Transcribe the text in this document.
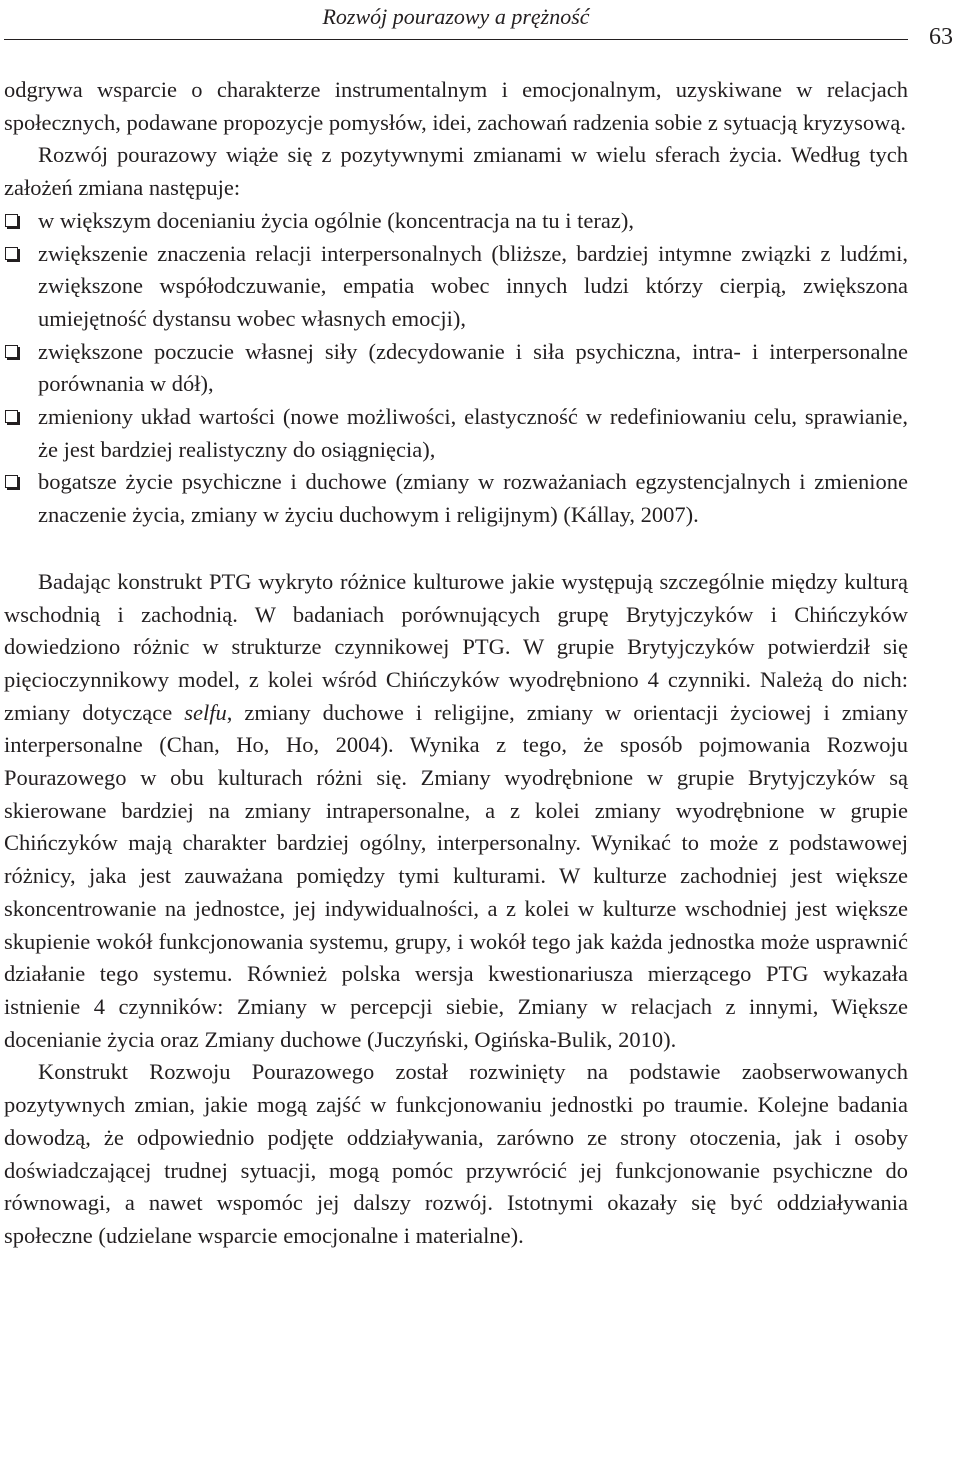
Rozwój pourazowy a prężność
63

odgrywa wsparcie o charakterze instrumentalnym i emocjonalnym, uzyskiwane w relacjach społecznych, podawane propozycje pomysłów, idei, zachowań radzenia sobie z sytuacją kryzysową.

Rozwój pourazowy wiąże się z pozytywnymi zmianami w wielu sferach życia. Według tych założeń zmiana następuje:

w większym docenianiu życia ogólnie (koncentracja na tu i teraz),
zwiększenie znaczenia relacji interpersonalnych (bliższe, bardziej intymne związki z ludźmi, zwiększone współodczuwanie, empatia wobec innych ludzi którzy cierpią, zwiększona umiejętność dystansu wobec własnych emocji),
zwiększone poczucie własnej siły (zdecydowanie i siła psychiczna, intra- i interpersonalne porównania w dół),
zmieniony układ wartości (nowe możliwości, elastyczność w redefiniowaniu celu, sprawianie, że jest bardziej realistyczny do osiągnięcia),
bogatsze życie psychiczne i duchowe (zmiany w rozważaniach egzystencjalnych i zmienione znaczenie życia, zmiany w życiu duchowym i religijnym) (Kállay, 2007).

Badając konstrukt PTG wykryto różnice kulturowe jakie występują szczególnie między kulturą wschodnią i zachodnią. W badaniach porównujących grupę Brytyjczyków i Chińczyków dowiedziono różnic w strukturze czynnikowej PTG. W grupie Brytyjczyków potwierdził się pięcioczynnikowy model, z kolei wśród Chińczyków wyodrębniono 4 czynniki. Należą do nich: zmiany dotyczące selfu, zmiany duchowe i religijne, zmiany w orientacji życiowej i zmiany interpersonalne (Chan, Ho, Ho, 2004). Wynika z tego, że sposób pojmowania Rozwoju Pourazowego w obu kulturach różni się. Zmiany wyodrębnione w grupie Brytyjczyków są skierowane bardziej na zmiany intrapersonalne, a z kolei zmiany wyodrębnione w grupie Chińczyków mają charakter bardziej ogólny, interpersonalny. Wynikać to może z podstawowej różnicy, jaka jest zauważana pomiędzy tymi kulturami. W kulturze zachodniej jest większe skoncentrowanie na jednostce, jej indywidualności, a z kolei w kulturze wschodniej jest większe skupienie wokół funkcjonowania systemu, grupy, i wokół tego jak każda jednostka może usprawnić działanie tego systemu. Również polska wersja kwestionariusza mierzącego PTG wykazała istnienie 4 czynników: Zmiany w percepcji siebie, Zmiany w relacjach z innymi, Większe docenianie życia oraz Zmiany duchowe (Juczyński, Ogińska-Bulik, 2010).

Konstrukt Rozwoju Pourazowego został rozwinięty na podstawie zaobserwowanych pozytywnych zmian, jakie mogą zajść w funkcjonowaniu jednostki po traumie. Kolejne badania dowodzą, że odpowiednio podjęte oddziaływania, zarówno ze strony otoczenia, jak i osoby doświadczającej trudnej sytuacji, mogą pomóc przywrócić jej funkcjonowanie psychiczne do równowagi, a nawet wspomóc jej dalszy rozwój. Istotnymi okazały się być oddziaływania społeczne (udzielane wsparcie emocjonalne i materialne).
